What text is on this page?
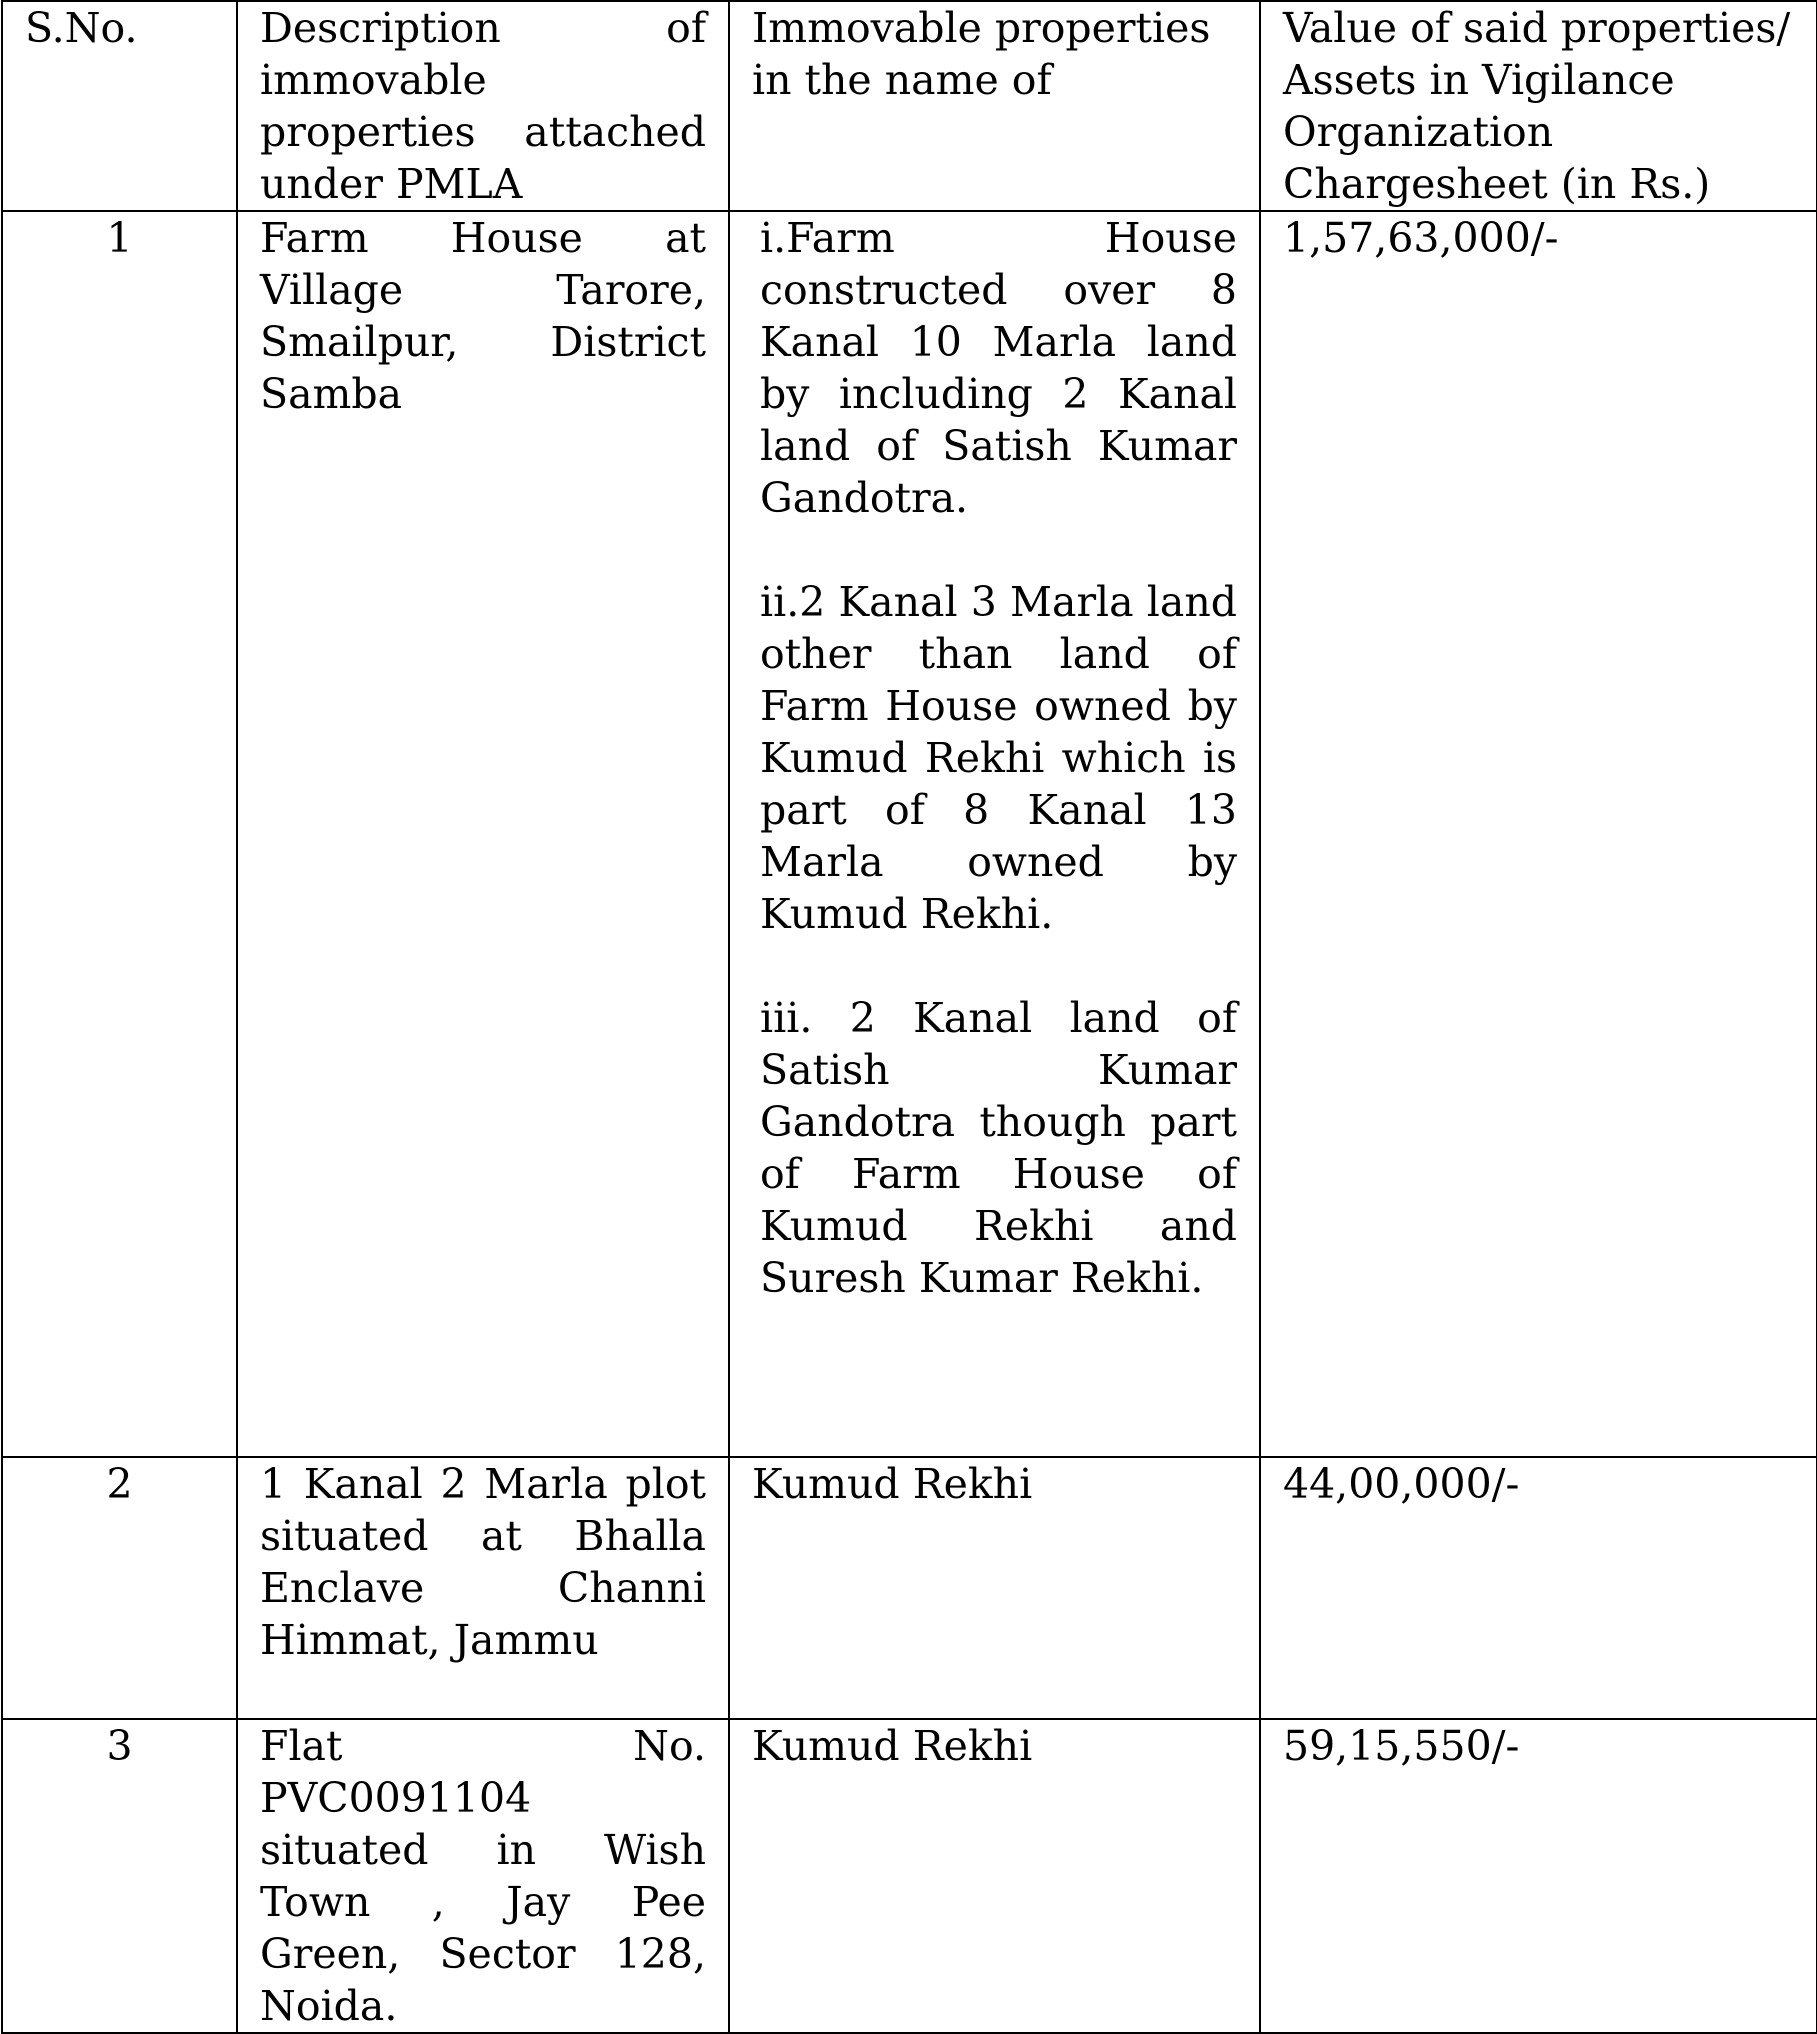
S.No.	Description of immovable properties attached under PMLA	Immovable properties in the name of	Value of said properties/ Assets in Vigilance Organization Chargesheet (in Rs.)
1	Farm House at Village Tarore, Smailpur, District Samba	i.Farm House constructed over 8 Kanal 10 Marla land by including 2 Kanal land of Satish Kumar Gandotra.

ii.2 Kanal 3 Marla land other than land of Farm House owned by Kumud Rekhi which is part of 8 Kanal 13 Marla owned by Kumud Rekhi.

iii. 2 Kanal land of Satish Kumar Gandotra though part of Farm House of Kumud Rekhi and Suresh Kumar Rekhi.	1,57,63,000/-
2	1 Kanal 2 Marla plot situated at Bhalla Enclave Channi Himmat, Jammu	Kumud Rekhi	44,00,000/-
3	Flat No. PVC0091104 situated in Wish Town , Jay Pee Green, Sector 128, Noida.	Kumud Rekhi	59,15,550/-
